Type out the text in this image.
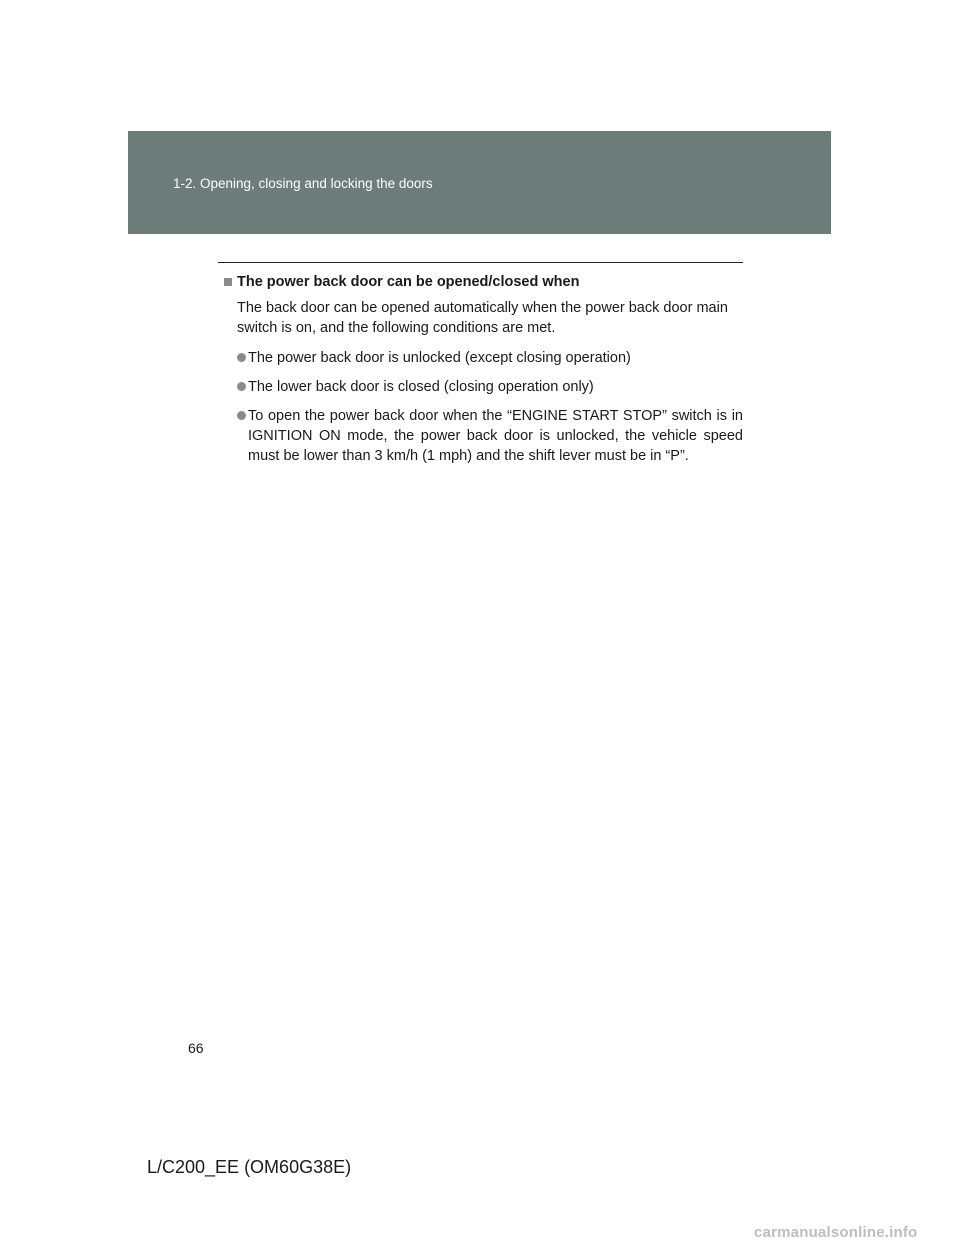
1-2. Opening, closing and locking the doors

The power back door can be opened/closed when

The back door can be opened automatically when the power back door main switch is on, and the following conditions are met.

The power back door is unlocked (except closing operation)
The lower back door is closed (closing operation only)
To open the power back door when the “ENGINE START STOP” switch is in IGNITION ON mode, the power back door is unlocked, the vehicle speed must be lower than 3 km/h (1 mph) and the shift lever must be in “P”.
66
L/C200_EE (OM60G38E)
carmanualsonline.info
